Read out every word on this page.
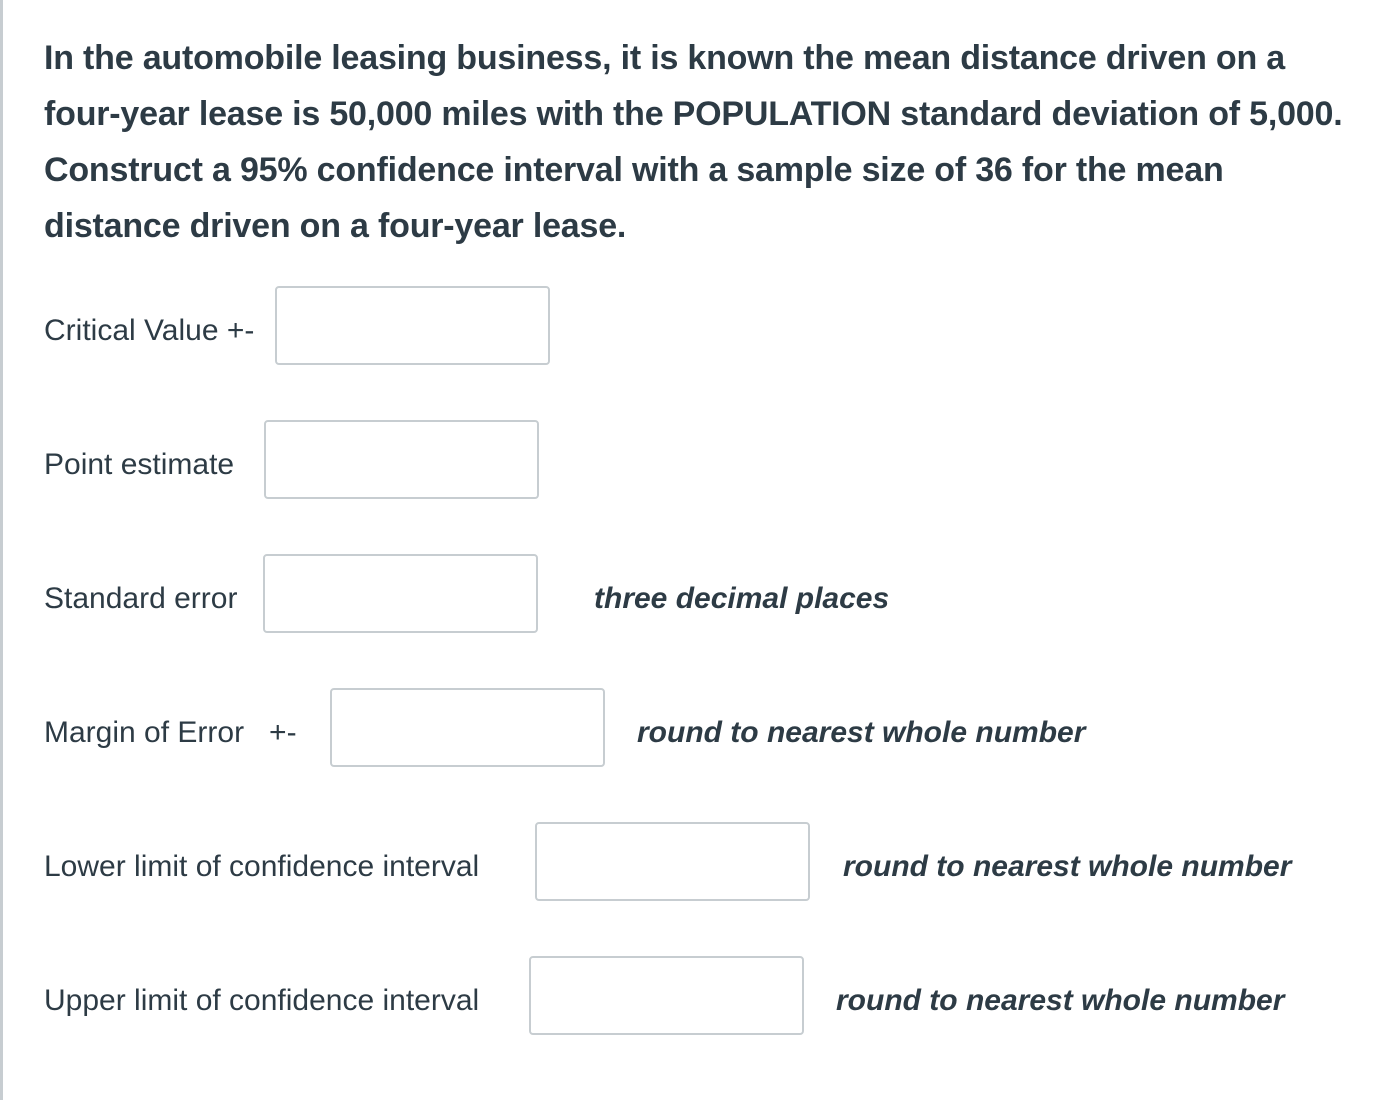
In the automobile leasing business, it is known the mean distance driven on a four-year lease is 50,000 miles with the POPULATION standard deviation of 5,000. Construct a 95% confidence interval with a sample size of 36 for the mean distance driven on a four-year lease.
Critical Value +-
Point estimate
Standard error	three decimal places
Margin of Error   +-	round to nearest whole number
Lower limit of confidence interval	round to nearest whole number
Upper limit of confidence interval	round to nearest whole number
